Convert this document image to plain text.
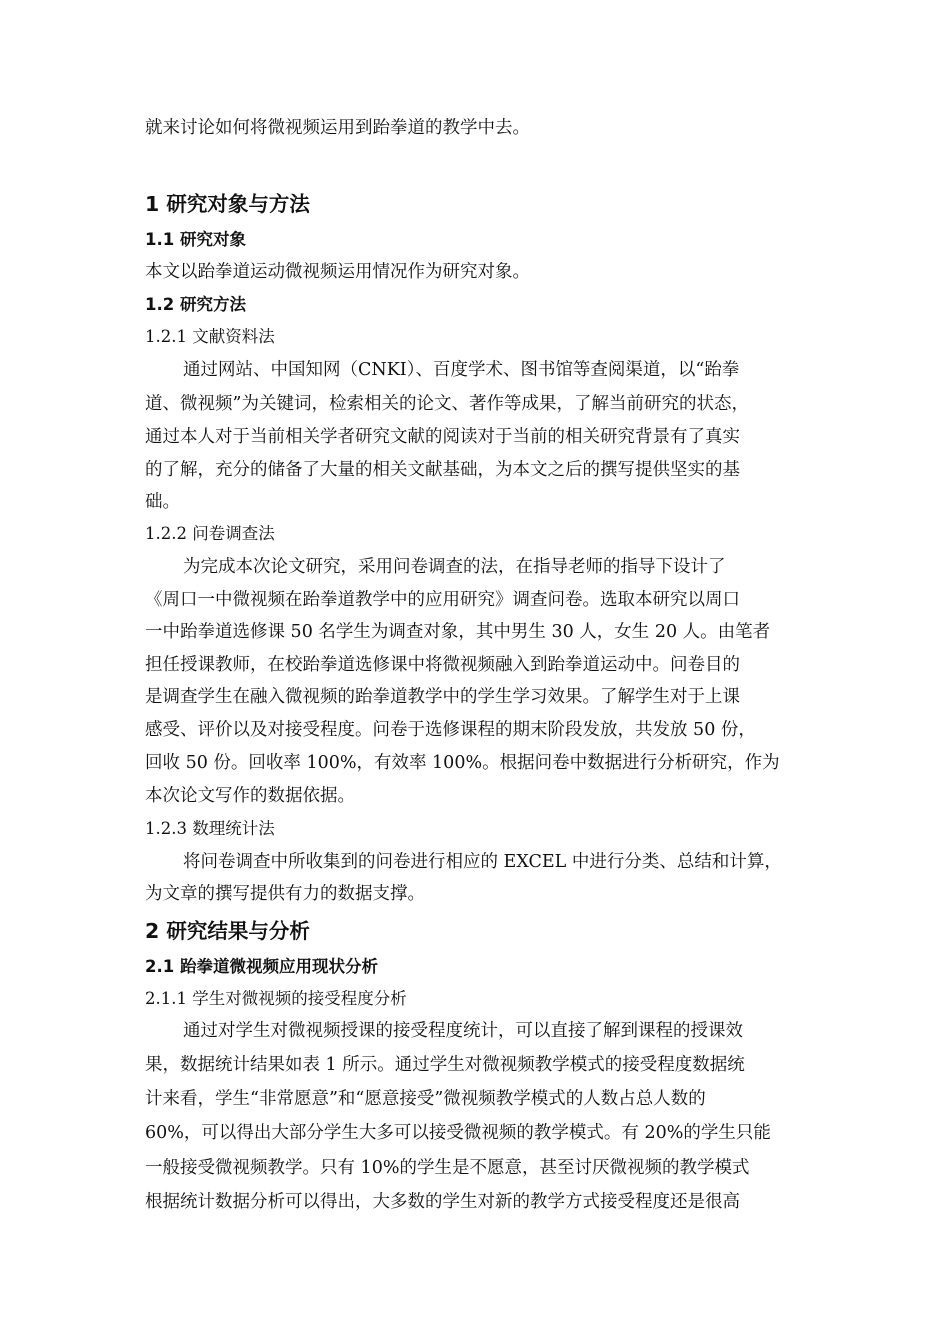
就来讨论如何将微视频运用到跆拳道的教学中去。
1 研究对象与方法
1.1 研究对象
本文以跆拳道运动微视频运用情况作为研究对象。
1.2 研究方法
1.2.1 文献资料法
通过网站、中国知网（CNKI）、百度学术、图书馆等查阅渠道，以“跆拳
道、微视频”为关键词，检索相关的论文、著作等成果，了解当前研究的状态，
通过本人对于当前相关学者研究文献的阅读对于当前的相关研究背景有了真实
的了解，充分的储备了大量的相关文献基础，为本文之后的撰写提供坚实的基
础。
1.2.2 问卷调查法
为完成本次论文研究，采用问卷调查的法，在指导老师的指导下设计了
《周口一中微视频在跆拳道教学中的应用研究》调查问卷。选取本研究以周口
一中跆拳道选修课 50 名学生为调查对象，其中男生 30 人，女生 20 人。由笔者
担任授课教师，在校跆拳道选修课中将微视频融入到跆拳道运动中。问卷目的
是调查学生在融入微视频的跆拳道教学中的学生学习效果。了解学生对于上课
感受、评价以及对接受程度。问卷于选修课程的期末阶段发放，共发放 50 份，
回收 50 份。回收率 100%，有效率 100%。根据问卷中数据进行分析研究，作为
本次论文写作的数据依据。
1.2.3 数理统计法
将问卷调查中所收集到的问卷进行相应的 EXCEL 中进行分类、总结和计算，
为文章的撰写提供有力的数据支撑。
2 研究结果与分析
2.1 跆拳道微视频应用现状分析
2.1.1 学生对微视频的接受程度分析
通过对学生对微视频授课的接受程度统计，可以直接了解到课程的授课效
果，数据统计结果如表 1 所示。通过学生对微视频教学模式的接受程度数据统
计来看，学生“非常愿意”和“愿意接受”微视频教学模式的人数占总人数的
60%，可以得出大部分学生大多可以接受微视频的教学模式。有 20%的学生只能
一般接受微视频教学。只有 10%的学生是不愿意，甚至讨厌微视频的教学模式
根据统计数据分析可以得出，大多数的学生对新的教学方式接受程度还是很高
